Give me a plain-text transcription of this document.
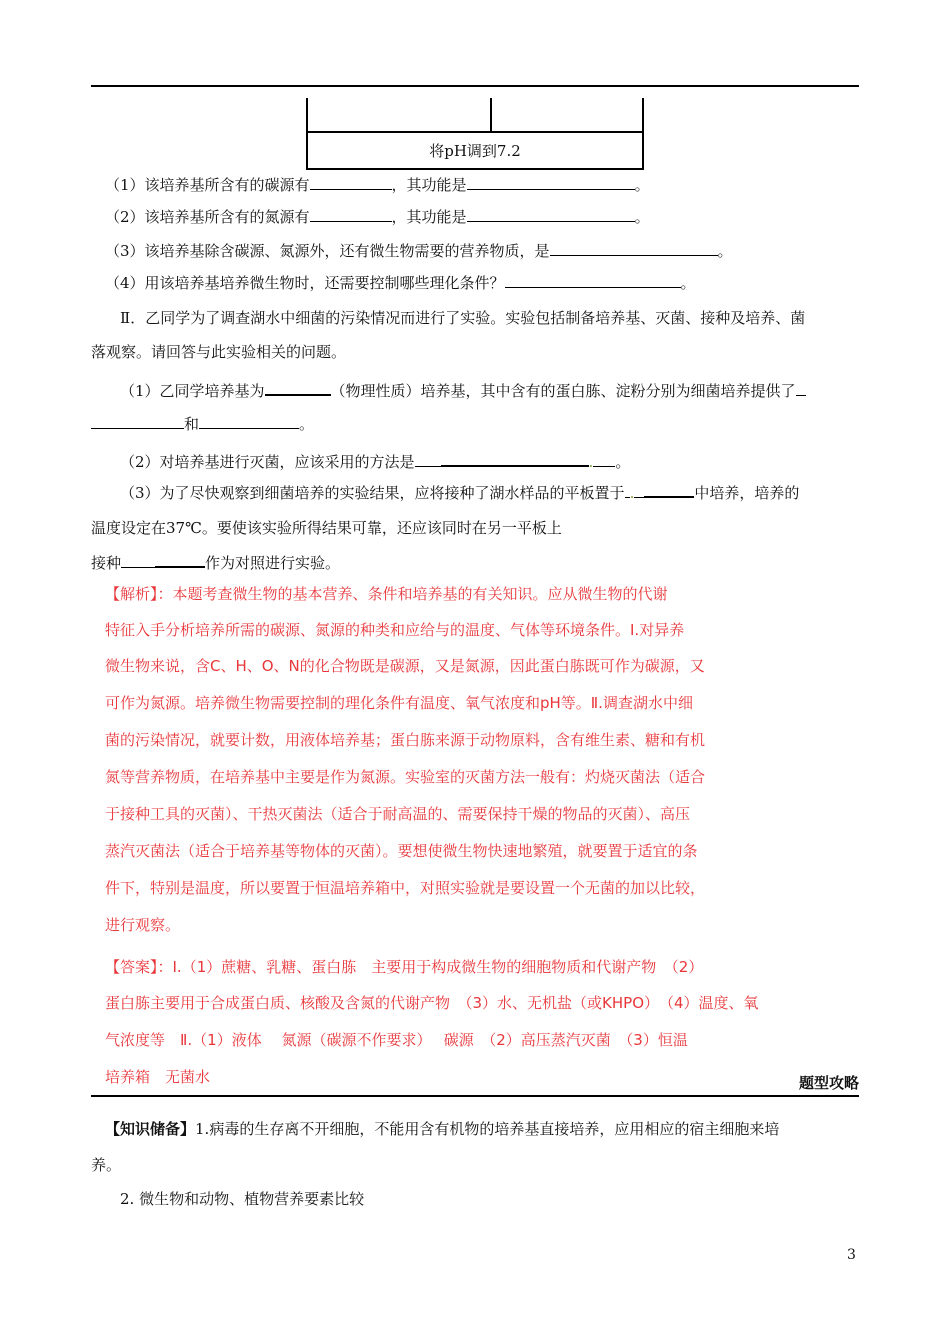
将pH调到7.2
（1）该培养基所含有的碳源有	，其功能是	。
（2）该培养基所含有的氮源有	，其功能是	。
（3）该培养基除含碳源、氮源外，还有微生物需要的营养物质，是	。
（4）用该培养基培养微生物时，还需要控制哪些理化条件？	。
Ⅱ．乙同学为了调查湖水中细菌的污染情况而进行了实验。实验包括制备培养基、灭菌、接种及培养、菌
落观察。请回答与此实验相关的问题。
（1）乙同学培养基为	（物理性质）培养基，其中含有的蛋白胨、淀粉分别为细菌培养提供了
和	。
（2）对培养基进行灭菌，应该采用的方法是	. 。
（3）为了尽快观察到细菌培养的实验结果，应将接种了湖水样品的平板置于 .	中培养，培养的
温度设定在37℃。要使该实验所得结果可靠，还应该同时在另一平板上
接种	作为对照进行实验。
【解析】：本题考查微生物的基本营养、条件和培养基的有关知识。应从微生物的代谢
特征入手分析培养所需的碳源、氮源的种类和应给与的温度、气体等环境条件。Ⅰ.对异养
微生物来说，含C、H、O、N的化合物既是碳源，又是氮源，因此蛋白胨既可作为碳源，又
可作为氮源。培养微生物需要控制的理化条件有温度、氧气浓度和pH等。Ⅱ.调查湖水中细
菌的污染情况，就要计数，用液体培养基；蛋白胨来源于动物原料，含有维生素、糖和有机
氮等营养物质，在培养基中主要是作为氮源。实验室的灭菌方法一般有：灼烧灭菌法（适合
于接种工具的灭菌）、干热灭菌法（适合于耐高温的、需要保持干燥的物品的灭菌）、高压
蒸汽灭菌法（适合于培养基等物体的灭菌）。要想使微生物快速地繁殖，就要置于适宜的条
件下，特别是温度，所以要置于恒温培养箱中，对照实验就是要设置一个无菌的加以比较，
进行观察。
【答案】：Ⅰ.（1）蔗糖、乳糖、蛋白胨　主要用于构成微生物的细胞物质和代谢产物　（2）
蛋白胨主要用于合成蛋白质、核酸及含氮的代谢产物　（3）水、无机盐（或KHPO）　（4）温度、氧
气浓度等　Ⅱ.（1）液体　 氮源（碳源不作要求）　 碳源　（2）高压蒸汽灭菌　（3）恒温
培养箱　无菌水	题型攻略
【知识储备】1.病毒的生存离不开细胞，不能用含有机物的培养基直接培养，应用相应的宿主细胞来培
养。
2. 微生物和动物、植物营养要素比较
3
